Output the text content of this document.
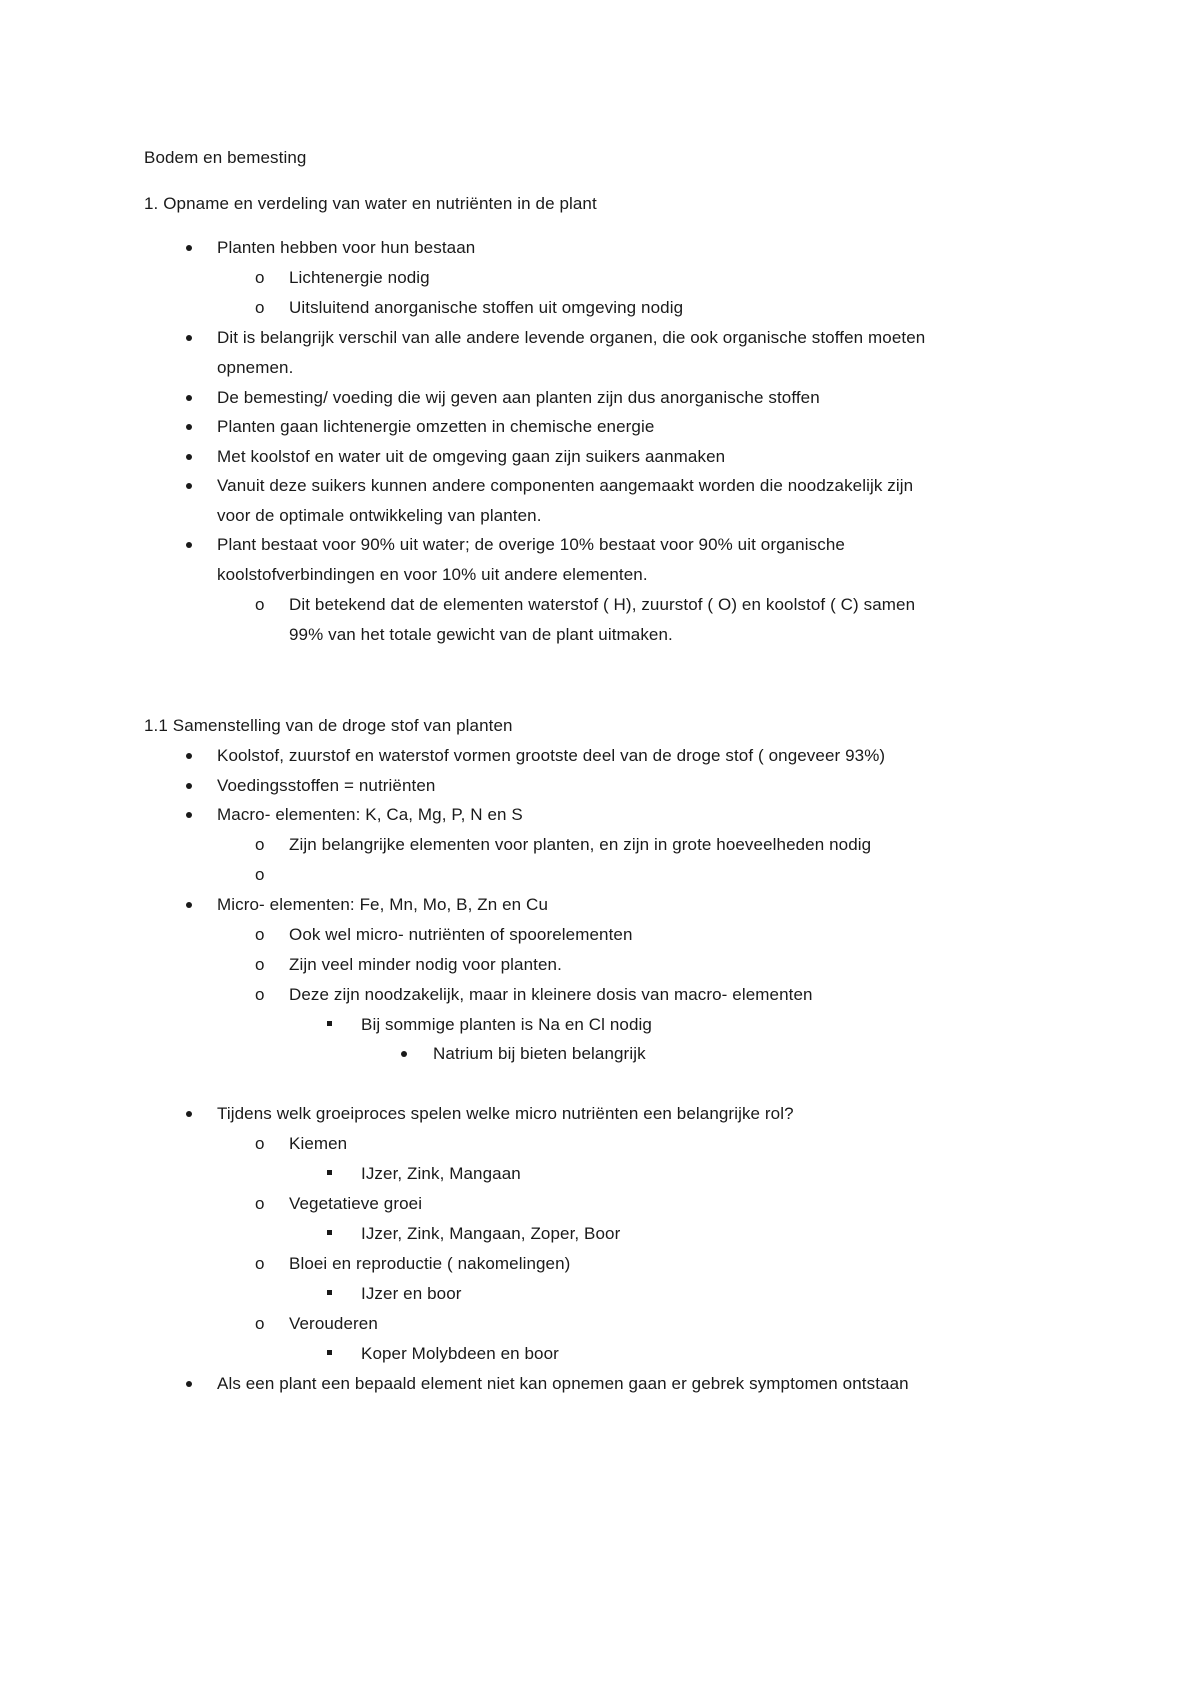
Bodem en bemesting
1. Opname en verdeling van water en nutriënten in de plant
Planten hebben voor hun bestaan
o Lichtenergie nodig
o Uitsluitend anorganische stoffen uit omgeving nodig
Dit is belangrijk verschil van alle andere levende organen, die ook organische stoffen moeten
opnemen.
De bemesting/ voeding die wij geven aan planten zijn dus anorganische stoffen
Planten gaan lichtenergie omzetten in chemische energie
Met koolstof en water uit de omgeving gaan zijn suikers aanmaken
Vanuit deze suikers kunnen andere componenten aangemaakt worden die noodzakelijk zijn
voor de optimale ontwikkeling van planten.
Plant bestaat voor 90% uit water; de overige 10% bestaat voor 90% uit organische
koolstofverbindingen en voor 10% uit andere elementen.
o Dit betekend dat de elementen waterstof ( H), zuurstof ( O) en koolstof ( C) samen
99% van het totale gewicht van de plant uitmaken.
1.1 Samenstelling van de droge stof van planten
Koolstof, zuurstof en waterstof vormen grootste deel van de droge stof ( ongeveer 93%)
Voedingsstoffen = nutriënten
Macro- elementen: K, Ca, Mg, P, N en S
o Zijn belangrijke elementen voor planten, en zijn in grote hoeveelheden nodig
o
Micro- elementen: Fe, Mn, Mo, B, Zn en Cu
o Ook wel micro- nutriënten of spoorelementen
o Zijn veel minder nodig voor planten.
o Deze zijn noodzakelijk, maar in kleinere dosis van macro- elementen
Bij sommige planten is Na en Cl nodig
Natrium bij bieten belangrijk
Tijdens welk groeiproces spelen welke micro nutriënten een belangrijke rol?
o Kiemen
IJzer, Zink, Mangaan
o Vegetatieve groei
IJzer, Zink, Mangaan, Zoper, Boor
o Bloei en reproductie ( nakomelingen)
IJzer en boor
o Verouderen
Koper Molybdeen en boor
Als een plant een bepaald element niet kan opnemen gaan er gebrek symptomen ontstaan
